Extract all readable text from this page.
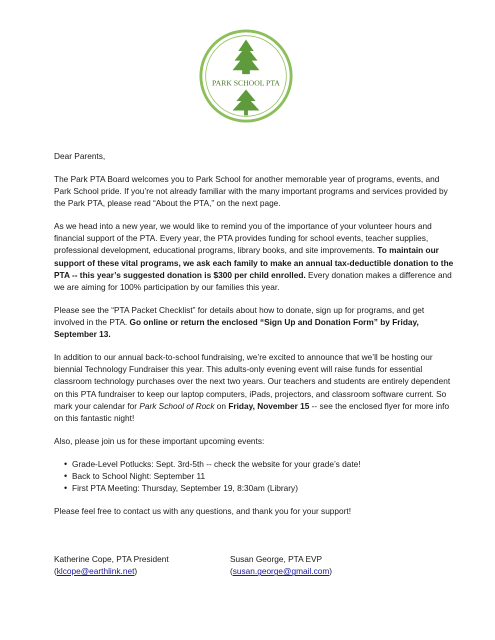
PARK SCHOOL PTA

Dear Parents,

The Park PTA Board welcomes you to Park School for another memorable year of programs, events, and Park School pride. If you’re not already familiar with the many important programs and services provided by the Park PTA, please read “About the PTA,” on the next page.

As we head into a new year, we would like to remind you of the importance of your volunteer hours and financial support of the PTA. Every year, the PTA provides funding for school events, teacher supplies, professional development, educational programs, library books, and site improvements. To maintain our support of these vital programs, we ask each family to make an annual tax-deductible donation to the PTA -- this year’s suggested donation is $300 per child enrolled. Every donation makes a difference and we are aiming for 100% participation by our families this year.

Please see the “PTA Packet Checklist” for details about how to donate, sign up for programs, and get involved in the PTA. Go online or return the enclosed “Sign Up and Donation Form” by Friday, September 13.

In addition to our annual back-to-school fundraising, we’re excited to announce that we’ll be hosting our biennial Technology Fundraiser this year. This adults-only evening event will raise funds for essential classroom technology purchases over the next two years. Our teachers and students are entirely dependent on this PTA fundraiser to keep our laptop computers, iPads, projectors, and classroom software current. So mark your calendar for Park School of Rock on Friday, November 15 -- see the enclosed flyer for more info on this fantastic night!

Also, please join us for these important upcoming events:

• Grade-Level Potlucks: Sept. 3rd-5th -- check the website for your grade’s date!
• Back to School Night: September 11
• First PTA Meeting: Thursday, September 19, 8:30am (Library)

Please feel free to contact us with any questions, and thank you for your support!

Katherine Cope, PTA President
(klcope@earthlink.net)
Susan George, PTA EVP
(susan.george@gmail.com)
